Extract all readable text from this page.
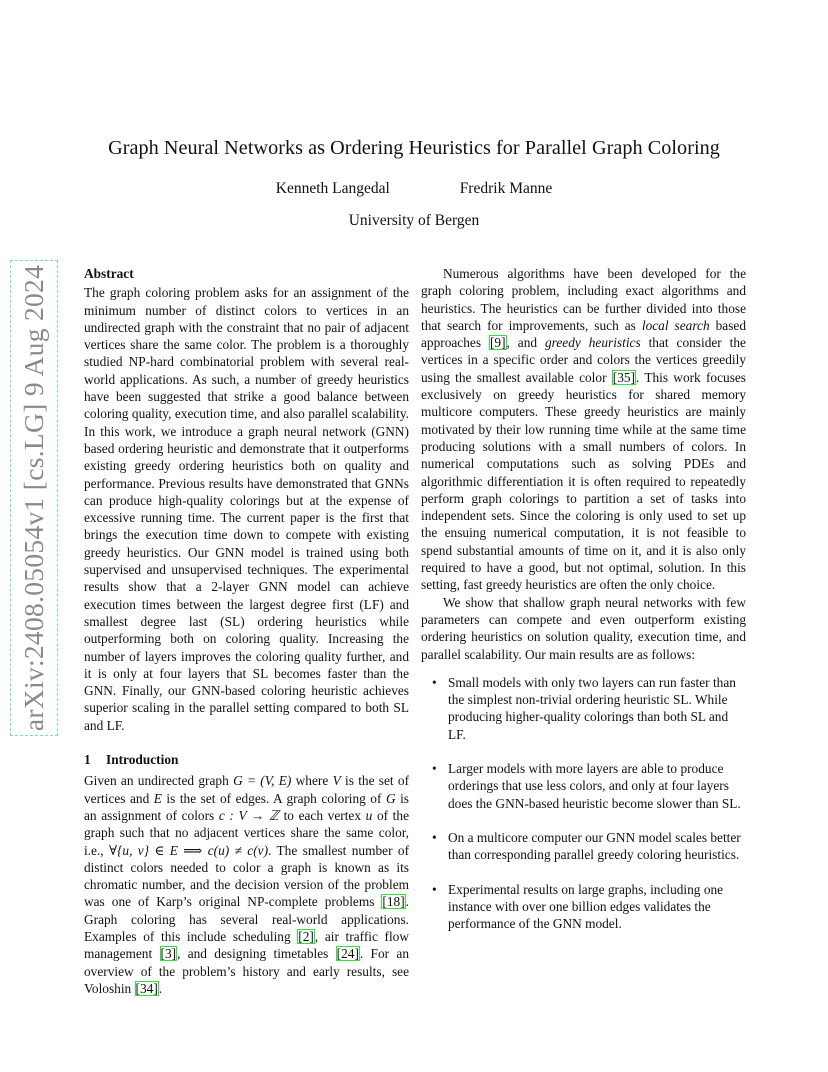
Graph Neural Networks as Ordering Heuristics for Parallel Graph Coloring
Kenneth Langedal	Fredrik Manne
University of Bergen
arXiv:2408.05054v1 [cs.LG] 9 Aug 2024	Abstract

The graph coloring problem asks for an assignment of the minimum number of distinct colors to vertices in an undirected graph with the constraint that no pair of adjacent vertices share the same color. The problem is a thoroughly studied NP-hard combinatorial problem with several real-world applications. As such, a number of greedy heuristics have been suggested that strike a good balance between coloring quality, execution time, and also parallel scalability. In this work, we introduce a graph neural network (GNN) based ordering heuristic and demonstrate that it outperforms existing greedy ordering heuristics both on quality and performance. Previous results have demonstrated that GNNs can produce high-quality colorings but at the expense of excessive running time. The current paper is the first that brings the execution time down to compete with existing greedy heuristics. Our GNN model is trained using both supervised and unsupervised techniques. The experimental results show that a 2-layer GNN model can achieve execution times between the largest degree first (LF) and smallest degree last (SL) ordering heuristics while outperforming both on coloring quality. Increasing the number of layers improves the coloring quality further, and it is only at four layers that SL becomes faster than the GNN. Finally, our GNN-based coloring heuristic achieves superior scaling in the parallel setting compared to both SL and LF.

1 Introduction

Given an undirected graph G = (V, E) where V is the set of vertices and E is the set of edges. A graph coloring of G is an assignment of colors c : V → ℤ to each vertex u of the graph such that no adjacent vertices share the same color, i.e., ∀{u, v} ∈ E ⟹ c(u) ≠ c(v). The smallest number of distinct colors needed to color a graph is known as its chromatic number, and the decision version of the problem was one of Karp’s original NP-complete problems [18]. Graph coloring has several real-world applications. Examples of this include scheduling [2], air traffic flow management [3], and designing timetables [24]. For an overview of the problem’s history and early results, see Voloshin [34].

Numerous algorithms have been developed for the graph coloring problem, including exact algorithms and heuristics. The heuristics can be further divided into those that search for improvements, such as local search based approaches [9], and greedy heuristics that consider the vertices in a specific order and colors the vertices greedily using the smallest available color [35]. This work focuses exclusively on greedy heuristics for shared memory multicore computers. These greedy heuristics are mainly motivated by their low running time while at the same time producing solutions with a small numbers of colors. In numerical computations such as solving PDEs and algorithmic differentiation it is often required to repeatedly perform graph colorings to partition a set of tasks into independent sets. Since the coloring is only used to set up the ensuing numerical computation, it is not feasible to spend substantial amounts of time on it, and it is also only required to have a good, but not optimal, solution. In this setting, fast greedy heuristics are often the only choice.

We show that shallow graph neural networks with few parameters can compete and even outperform existing ordering heuristics on solution quality, execution time, and parallel scalability. Our main results are as follows:

• Small models with only two layers can run faster than the simplest non-trivial ordering heuristic SL. While producing higher-quality colorings than both SL and LF.
• Larger models with more layers are able to produce orderings that use less colors, and only at four layers does the GNN-based heuristic become slower than SL.
• On a multicore computer our GNN model scales better than corresponding parallel greedy coloring heuristics.
• Experimental results on large graphs, including one instance with over one billion edges validates the performance of the GNN model.
